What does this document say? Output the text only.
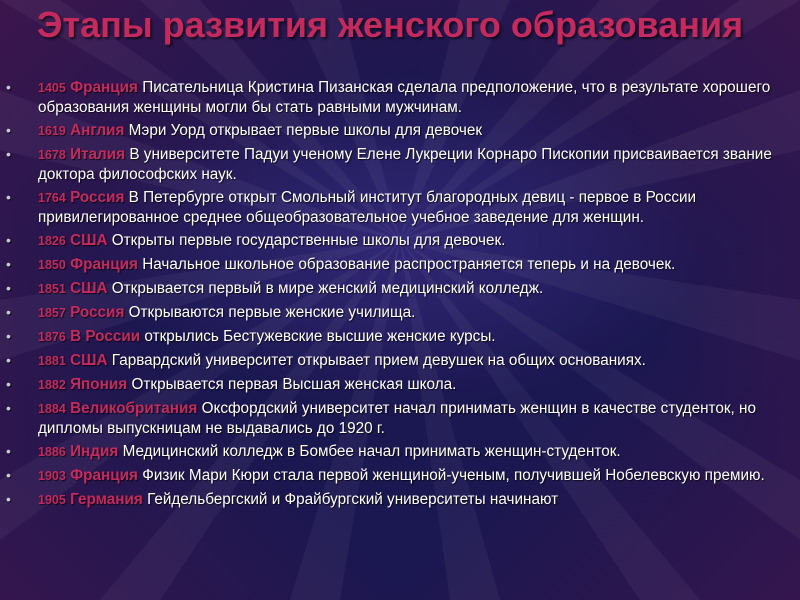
Этапы развития женского образования
• 1405 Франция Писательница Кристина Пизанская сделала предположение, что в результате хорошего образования женщины могли бы стать равными мужчинам.
• 1619 Англия Мэри Уорд открывает первые школы для девочек
• 1678 Италия В университете Падуи ученому Елене Лукреции Корнаро Пископии присваивается звание доктора философских наук.
• 1764 Россия В Петербурге открыт Смольный институт благородных девиц - первое в России привилегированное среднее общеобразовательное учебное заведение для женщин.
• 1826 США Открыты первые государственные школы для девочек.
• 1850 Франция Начальное школьное образование распространяется теперь и на девочек.
• 1851 США Открывается первый в мире женский медицинский колледж.
• 1857 Россия Открываются первые женские училища.
• 1876 В России открылись Бестужевские высшие женские курсы.
• 1881 США Гарвардский университет открывает прием девушек на общих основаниях.
• 1882 Япония Открывается первая Высшая женская школа.
• 1884 Великобритания Оксфордский университет начал принимать женщин в качестве студенток, но дипломы выпускницам не выдавались до 1920 г.
• 1886 Индия Медицинский колледж в Бомбее начал принимать женщин-студенток.
• 1903 Франция Физик Мари Кюри стала первой женщиной-ученым, получившей Нобелевскую премию.
• 1905 Германия Гейдельбергский и Фрайбургский университеты начинают
